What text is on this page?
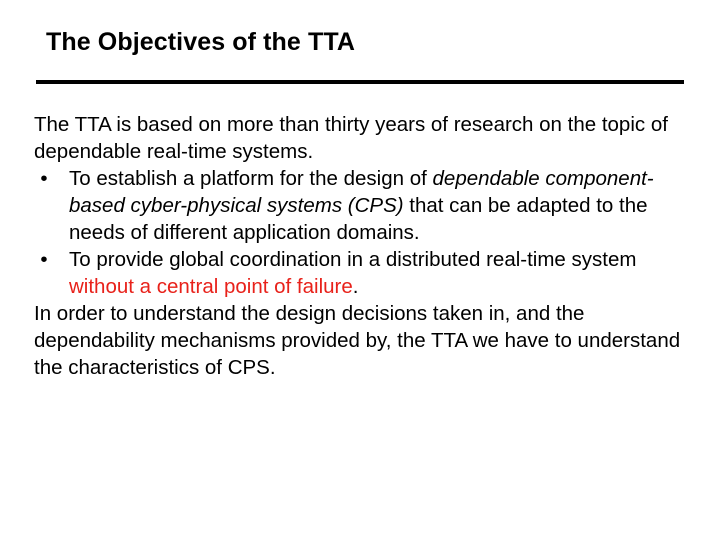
The Objectives of the TTA

The TTA is based on more than thirty years of research on the topic of dependable real-time systems.

•	To establish a platform for the design of dependable component-based cyber-physical systems (CPS) that can be adapted to the needs of different application domains.
•	To provide global coordination in a distributed real-time system without a central point of failure.

In order to understand the design decisions taken in, and the dependability mechanisms provided by, the TTA we have to understand the characteristics of CPS.
